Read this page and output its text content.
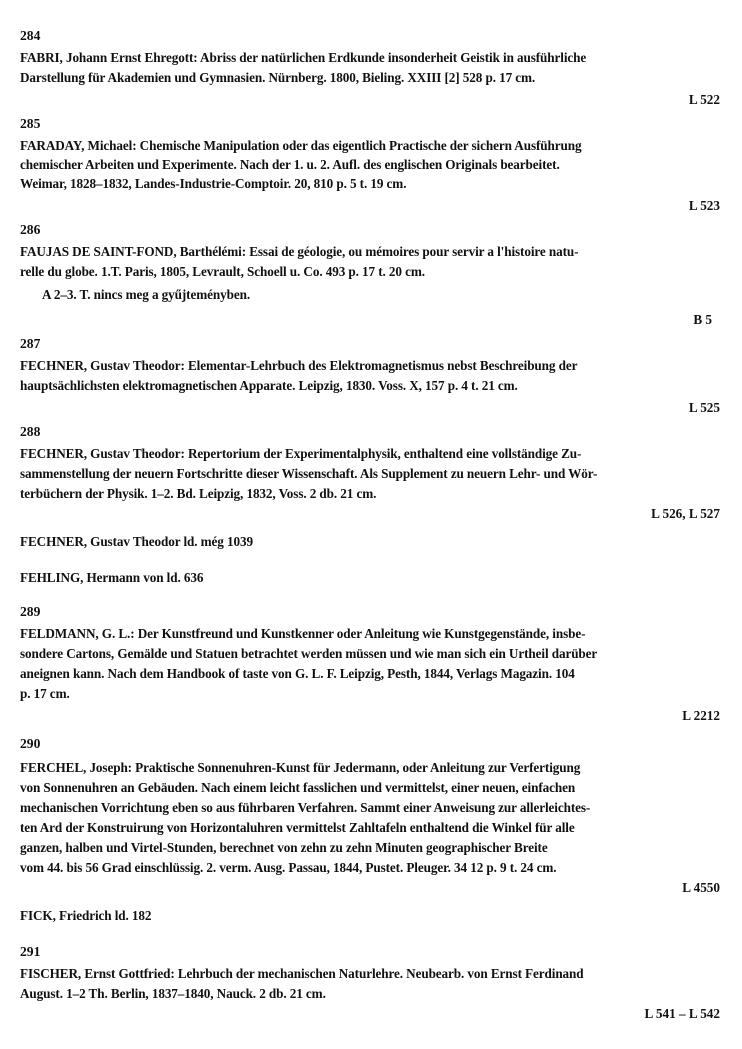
284
FABRI, Johann Ernst Ehregott: Abriss der natürlichen Erdkunde insonderheit Geistik in ausführliche
Darstellung für Akademien und Gymnasien. Nürnberg. 1800, Bieling. XXIII [2] 528 p. 17 cm.
L 522
285
FARADAY, Michael: Chemische Manipulation oder das eigentlich Practische der sichern Ausführung
chemischer Arbeiten und Experimente. Nach der 1. u. 2. Aufl. des englischen Originals bearbeitet.
Weimar, 1828–1832, Landes-Industrie-Comptoir. 20, 810 p. 5 t. 19 cm.
L 523
286
FAUJAS DE SAINT-FOND, Barthélémi: Essai de géologie, ou mémoires pour servir a l'histoire natu-
relle du globe. 1.T. Paris, 1805, Levrault, Schoell u. Co. 493 p. 17 t. 20 cm.
A 2–3. T. nincs meg a gyűjteményben.
B 5
287
FECHNER, Gustav Theodor: Elementar-Lehrbuch des Elektromagnetismus nebst Beschreibung der
hauptsächlichsten elektromagnetischen Apparate. Leipzig, 1830. Voss. X, 157 p. 4 t. 21 cm.
L 525
288
FECHNER, Gustav Theodor: Repertorium der Experimentalphysik, enthaltend eine vollständige Zu-
sammenstellung der neuern Fortschritte dieser Wissenschaft. Als Supplement zu neuern Lehr- und Wör-
terbüchern der Physik. 1–2. Bd. Leipzig, 1832, Voss. 2 db. 21 cm.
L 526, L 527
FECHNER, Gustav Theodor ld. még 1039
FEHLING, Hermann von ld. 636
289
FELDMANN, G. L.: Der Kunstfreund und Kunstkenner oder Anleitung wie Kunstgegenstände, insbe-
sondere Cartons, Gemälde und Statuen betrachtet werden müssen und wie man sich ein Urtheil darüber
aneignen kann. Nach dem Handbook of taste von G. L. F. Leipzig, Pesth, 1844, Verlags Magazin. 104
p. 17 cm.
L 2212
290
FERCHEL, Joseph: Praktische Sonnenuhren-Kunst für Jedermann, oder Anleitung zur Verfertigung
von Sonnenuhren an Gebäuden. Nach einem leicht fasslichen und vermittelst, einer neuen, einfachen
mechanischen Vorrichtung eben so aus führbaren Verfahren. Sammt einer Anweisung zur allerleichtes-
ten Ard der Konstruirung von Horizontaluhren vermittelst Zahltafeln enthaltend die Winkel für alle
ganzen, halben und Virtel-Stunden, berechnet von zehn zu zehn Minuten geographischer Breite
vom 44. bis 56 Grad einschlüssig. 2. verm. Ausg. Passau, 1844, Pustet. Pleuger. 34 12 p. 9 t. 24 cm.
L 4550
FICK, Friedrich ld. 182
291
FISCHER, Ernst Gottfried: Lehrbuch der mechanischen Naturlehre. Neubearb. von Ernst Ferdinand
August. 1–2 Th. Berlin, 1837–1840, Nauck. 2 db. 21 cm.
L 541 – L 542
